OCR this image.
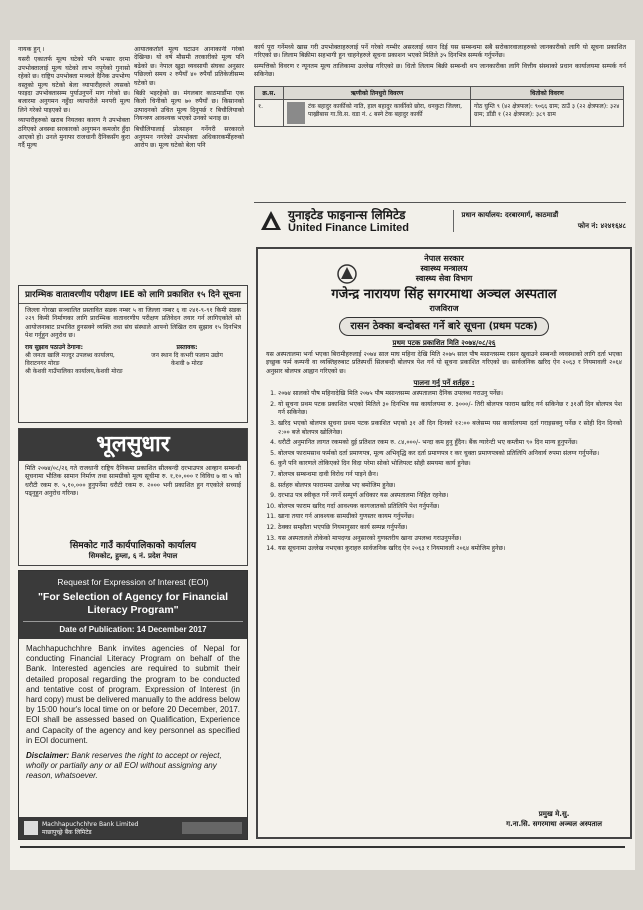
नायक हुन् ।

यसरी एकातर्फ मूल्य घटेको पनि भन्सार दरमा उपभोक्तालाई मूल्य घटेको लाभ नपुगेको गुनासो रहेको छ। राष्ट्रिय उपभोक्ता मञ्चले दैनिक उपभोग्य वस्तुको मूल्य घटेको बेला व्यापारीहरुले त्यसको फाइदा उपभोक्तासम्म पुर्याउनुपर्ने माग गरेको छ। बजारमा अनुगमन नहुँदा व्यापारीले मनपरी मूल्य लिने गरेको पाइएको छ।

व्यापारीहरुको खराब नियतका कारण नै उपभोक्ता ठगिएको अवस्था सरकारको अनुगमन कमजोर हुँदा आएको हो। उनले मुनाफा राजधानी दैनिकसँग कुरा गर्दै मूल्य

आयातकर्ताले मूल्य घटाउन आनाकानी गरेको देखिन्छ। यो वर्ष मौसमी तरकारीको मूल्य पनि बढेको छ। नेपाल खुद्रा व्यवसायी संघका अनुसार पछिल्लो समय २ रुपैयाँ ४० रुपैयाँ प्रतिकेजीसम्म घटेको छ।

बिक्री भइरहेको छ। मंगलबार काठमाडौंमा एक किलो चिनीको मूल्य ७० रुपैयाँ छ। किसानको उत्पादनको उचित मूल्य दिनुपर्छ र बिचौलियाको नियन्त्रण आवश्यक भएको उनको भनाइ छ।

बिचौलियालाई प्रोत्साहन गर्नेगरी सरकारले अनुगमन नगरेको उपभोक्ता अधिकारकर्मीहरुको आरोप छ। मूल्य घटेको बेला पनि

कार्य पूरा गर्नेमध्ये खास गरी उपभोक्ताहरुलाई पर्ने गरेको गम्भीर असरलाई ध्यान दिई यस सम्बन्धमा सबै सरोकारवालाहरुको जानकारीको लागि यो सूचना प्रकाशित गरिएको छ। लिलाम बिक्रीमा सहभागी हुन चाहनेहरुले सूचना प्रकाशन भएको मितिले ३५ दिनभित्र सम्पर्क गर्नुपर्नेछ।

सम्पत्तिको विवरण र न्यूनतम मूल्य तालिकामा उल्लेख गरिएको छ। धितो लिलाम बिक्री सम्बन्धी थप जानकारीका लागि वित्तीय संस्थाको प्रधान कार्यालयमा सम्पर्क गर्न सकिनेछ।

क्र.स.	ऋणीको तिनधुरो विवरण	धितोको विवरण
१.	टंक बहादुर कार्कीको नाति, हाल बहादुर कार्कीको छोरा, धनकुटा जिल्ला, पाख्रीबास गा.वि.स. वडा नं. ८ बस्ने टेक बहादुर कार्की	गोठ घुम्ति ९ (४२ क्षेत्रफल): ९०६६ ग्राम; ठाउँ ३ (२२ क्षेत्रफल): ३२४ ग्राम; डाँडी १ (२२ क्षेत्रफल): ३८९ ग्राम
युनाइटेड फाइनान्स लिमिटेड
United Finance Limited
प्रधान कार्यालय: दरबारमार्ग, काठमाडौं
फोन नं: ४२४१६४८
प्रारम्भिक वातावरणीय परीक्षण IEE को लागि प्रकाशित १५ दिने सूचना
जिल्ला गोरखा सञ्चालित प्रस्तावित सडक नम्बर ५ वा जिल्ला नम्बर ६ वा २४१-९-९१ किमी सडक २२९ किमी निर्माणका लागि प्रारम्भिक वातावरणीय परीक्षण प्रतिवेदन तयार गर्न लागिएकोले सो आयोजनाबाट प्रभावित हुनसक्ने व्यक्ति तथा संघ संस्थाले आफ्नो लिखित राय सुझाव १५ दिनभित्र पेश गर्नुहुन अनुरोध छ।
राय सुझाव पठाउने ठेगाना:
श्री जनता खालि मज्दुर उपलब्ध कार्यालय,
विराटनगर मोरङ
श्री केशवी गाउँपालिका कार्यालय,केशवी मोरङ
प्रस्तावक:
जन स्थान दि कभरी फलाम उद्योग
केशवी ७ मोरङ
भूलसुधार
मिति २०७४/०८/२६ गते राजधानी राष्ट्रिय दैनिकमा प्रकाशित सीलबन्दी दरभाउपत्र आव्हान सम्बन्धी सूचनामा भौतिक सामान निर्माण तथा सामग्रीको मूल्य सूचीमा रु. १,१०,००० र विविध ७ वा ५ को धरौटी रकम रु. ५,१०,००० हुनुपर्नेमा धरौटी रकम रु. २००० भनी प्रकाशित हुन गएकोले सच्याई पढ्नुहुन अनुरोध गरिन्छ।
सिमकोट गाउँ कार्यपालिकाको कार्यालय
सिमकोट, हुम्ला, ६ नं. प्रदेश नेपाल
Request for Expression of Interest (EOI)
"For Selection of Agency for Financial Literacy Program"
Date of Publication: 14 December 2017
Machhapuchchhre Bank invites agencies of Nepal for conducting Financial Literacy Program on behalf of the Bank. Interested agencies are required to submit their detailed proposal regarding the program to be conducted and tentative cost of program. Expression of Interest (in hard copy) must be delivered manually to the address below by 15:00 hour's local time on or before 20 December, 2017. EOI shall be assessed based on Qualification, Experience and Capacity of the agency and key personnel as specified in EOI document.
Disclaimer: Bank reserves the right to accept or reject, wholly or partially any or all EOI without assigning any reason, whatsoever.
Machhapuchchhre Bank Limited
माछापुच्छ्रे बैंक लिमिटेड
नेपाल सरकार
स्वास्थ्य मन्त्रालय
स्वास्थ्य सेवा विभाग
गजेन्द्र नारायण सिंह सगरमाथा अञ्चल अस्पताल
राजविराज
रासन ठेक्का बन्दोबस्त गर्ने बारे सूचना (प्रथम पटक)
प्रथम पटक प्रकाशित मिति २०७४/०८/२६
यस अस्पतालमा भर्ना भएका बिरामीहरुलाई २०७४ साल माघ महिना देखि मिति २०७५ साल पौष मसान्तसम्म रासन खुवाउने सम्बन्धी व्यवस्थाको लागि दर्ता भएका इच्छुक फर्म कम्पनी वा व्यक्तिहरुबाट प्रतिस्पर्धी सिलबन्दी बोलपत्र पेश गर्न यो सूचना प्रकाशित गरिएको छ। सार्वजनिक खरिद ऐन २०६३ र नियमावली २०६४ अनुसार बोलपत्र आह्वान गरिएको छ।
पालना गर्नु पर्ने शर्तहरु :
1. २०७४ सालको पौष महिनादेखि मिति २०७५ पौष मसान्तसम्म अस्पतालमा दैनिक उपलब्ध गराउनु पर्नेछ।
2. यो सूचना प्रथम पटक प्रकाशित भएको मितिले ३० दिनभित्र यस कार्यालयमा रु. ३०००/- तिरी बोलपत्र फाराम खरिद गर्न सकिनेछ र ३१औं दिन बोलपत्र पेश गर्न सकिनेछ।
3. खरिद भएको बोलपत्र सूचना प्रथम पटक प्रकाशित भएको ३१ औं दिन दिनको १२:०० बजेसम्म यस कार्यालयमा दर्ता गराइसक्नु पर्नेछ र सोही दिन दिनको २:०० बजे बोलपत्र खोलिनेछ।
4. धरौटी अनुमानित लागत रकमको दुई प्रतिशत रकम रु. ८४,०००/- भन्दा कम हुनु हुँदैन। बैंक ग्यारेन्टी भए कम्तीमा ९० दिन मान्य हुनुपर्नेछ।
5. बोलपत्र फारामसाथ फर्मको दर्ता प्रमाणपत्र, मूल्य अभिवृद्धि कर दर्ता प्रमाणपत्र र कर चुक्ता प्रमाणपत्रको प्रतिलिपि अनिवार्य रुपमा संलग्न गर्नुपर्नेछ।
6. कुनै पनि कारणले तोकिएको दिन विदा परेमा सोको भोलिपल्ट सोही समयमा कार्य हुनेछ।
7. बोलपत्र सम्बन्धमा दावी विरोध गर्न पाइने छैन।
8. सर्तहरु बोलपत्र फाराममा उल्लेख भए बमोजिम हुनेछ।
9. दरभाउ पत्र स्वीकृत गर्ने नगर्ने सम्पूर्ण अधिकार यस अस्पतालमा निहित रहनेछ।
10. बोलपत्र फाराम खरिद गर्दा आवश्यक कागजातको प्रतिलिपि पेश गर्नुपर्नेछ।
11. खाना तयार गर्न आवश्यक सामग्रीको गुणस्तर कायम गर्नुपर्नेछ।
12. ठेक्का सम्झौता भएपछि नियमानुसार कार्य सम्पन्न गर्नुपर्नेछ।
13. यस अस्पतालले तोकेको मापदण्ड अनुसारको गुणस्तरीय खाना उपलब्ध गराउनुपर्नेछ।
14. यस सूचनामा उल्लेख नभएका कुराहरु सार्वजनिक खरिद ऐन २०६३ र नियमावली २०६४ बमोजिम हुनेछ।
प्रमुख मे.सु.
ग.ना.सि. सगरमाथा अञ्चल अस्पताल
